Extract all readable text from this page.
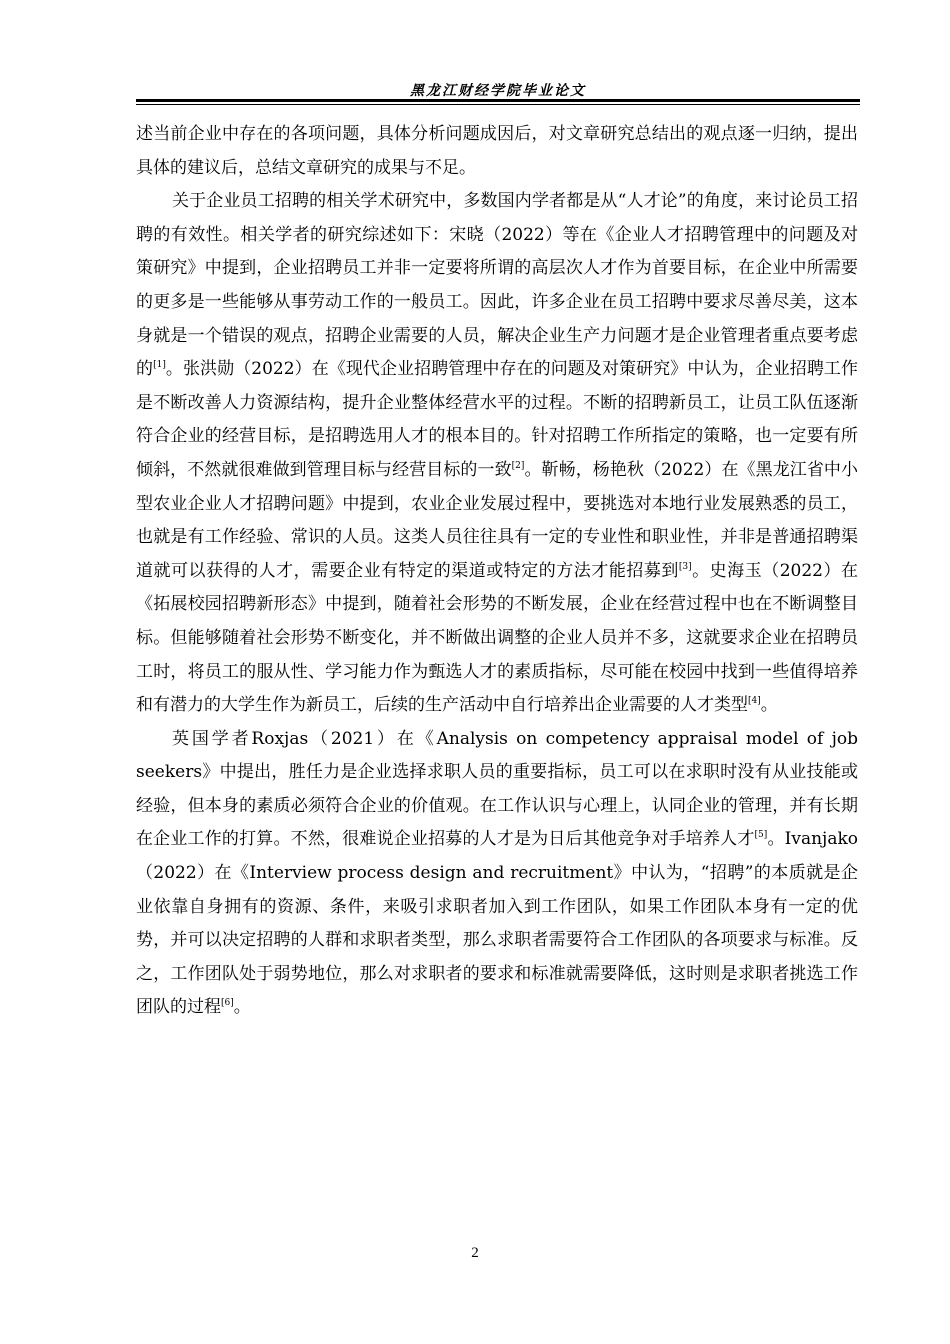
黑龙江财经学院毕业论文

述当前企业中存在的各项问题，具体分析问题成因后，对文章研究总结出的观点逐一归纳，提出具体的建议后，总结文章研究的成果与不足。

关于企业员工招聘的相关学术研究中，多数国内学者都是从“人才论”的角度，来讨论员工招聘的有效性。相关学者的研究综述如下：宋晓（2022）等在《企业人才招聘管理中的问题及对策研究》中提到，企业招聘员工并非一定要将所谓的高层次人才作为首要目标，在企业中所需要的更多是一些能够从事劳动工作的一般员工。因此，许多企业在员工招聘中要求尽善尽美，这本身就是一个错误的观点，招聘企业需要的人员，解决企业生产力问题才是企业管理者重点要考虑的[1]。张洪勋（2022）在《现代企业招聘管理中存在的问题及对策研究》中认为，企业招聘工作是不断改善人力资源结构，提升企业整体经营水平的过程。不断的招聘新员工，让员工队伍逐渐符合企业的经营目标，是招聘选用人才的根本目的。针对招聘工作所指定的策略，也一定要有所倾斜，不然就很难做到管理目标与经营目标的一致[2]。靳畅，杨艳秋（2022）在《黑龙江省中小型农业企业人才招聘问题》中提到，农业企业发展过程中，要挑选对本地行业发展熟悉的员工，也就是有工作经验、常识的人员。这类人员往往具有一定的专业性和职业性，并非是普通招聘渠道就可以获得的人才，需要企业有特定的渠道或特定的方法才能招募到[3]。史海玉（2022）在《拓展校园招聘新形态》中提到，随着社会形势的不断发展，企业在经营过程中也在不断调整目标。但能够随着社会形势不断变化，并不断做出调整的企业人员并不多，这就要求企业在招聘员工时，将员工的服从性、学习能力作为甄选人才的素质指标，尽可能在校园中找到一些值得培养和有潜力的大学生作为新员工，后续的生产活动中自行培养出企业需要的人才类型[4]。

英国学者Roxjas（2021）在《Analysis on competency appraisal model of job seekers》中提出，胜任力是企业选择求职人员的重要指标，员工可以在求职时没有从业技能或经验，但本身的素质必须符合企业的价值观。在工作认识与心理上，认同企业的管理，并有长期在企业工作的打算。不然，很难说企业招募的人才是为日后其他竞争对手培养人才[5]。Ivanjako（2022）在《Interview process design and recruitment》中认为，“招聘”的本质就是企业依靠自身拥有的资源、条件，来吸引求职者加入到工作团队，如果工作团队本身有一定的优势，并可以决定招聘的人群和求职者类型，那么求职者需要符合工作团队的各项要求与标准。反之，工作团队处于弱势地位，那么对求职者的要求和标准就需要降低，这时则是求职者挑选工作团队的过程[6]。

2
